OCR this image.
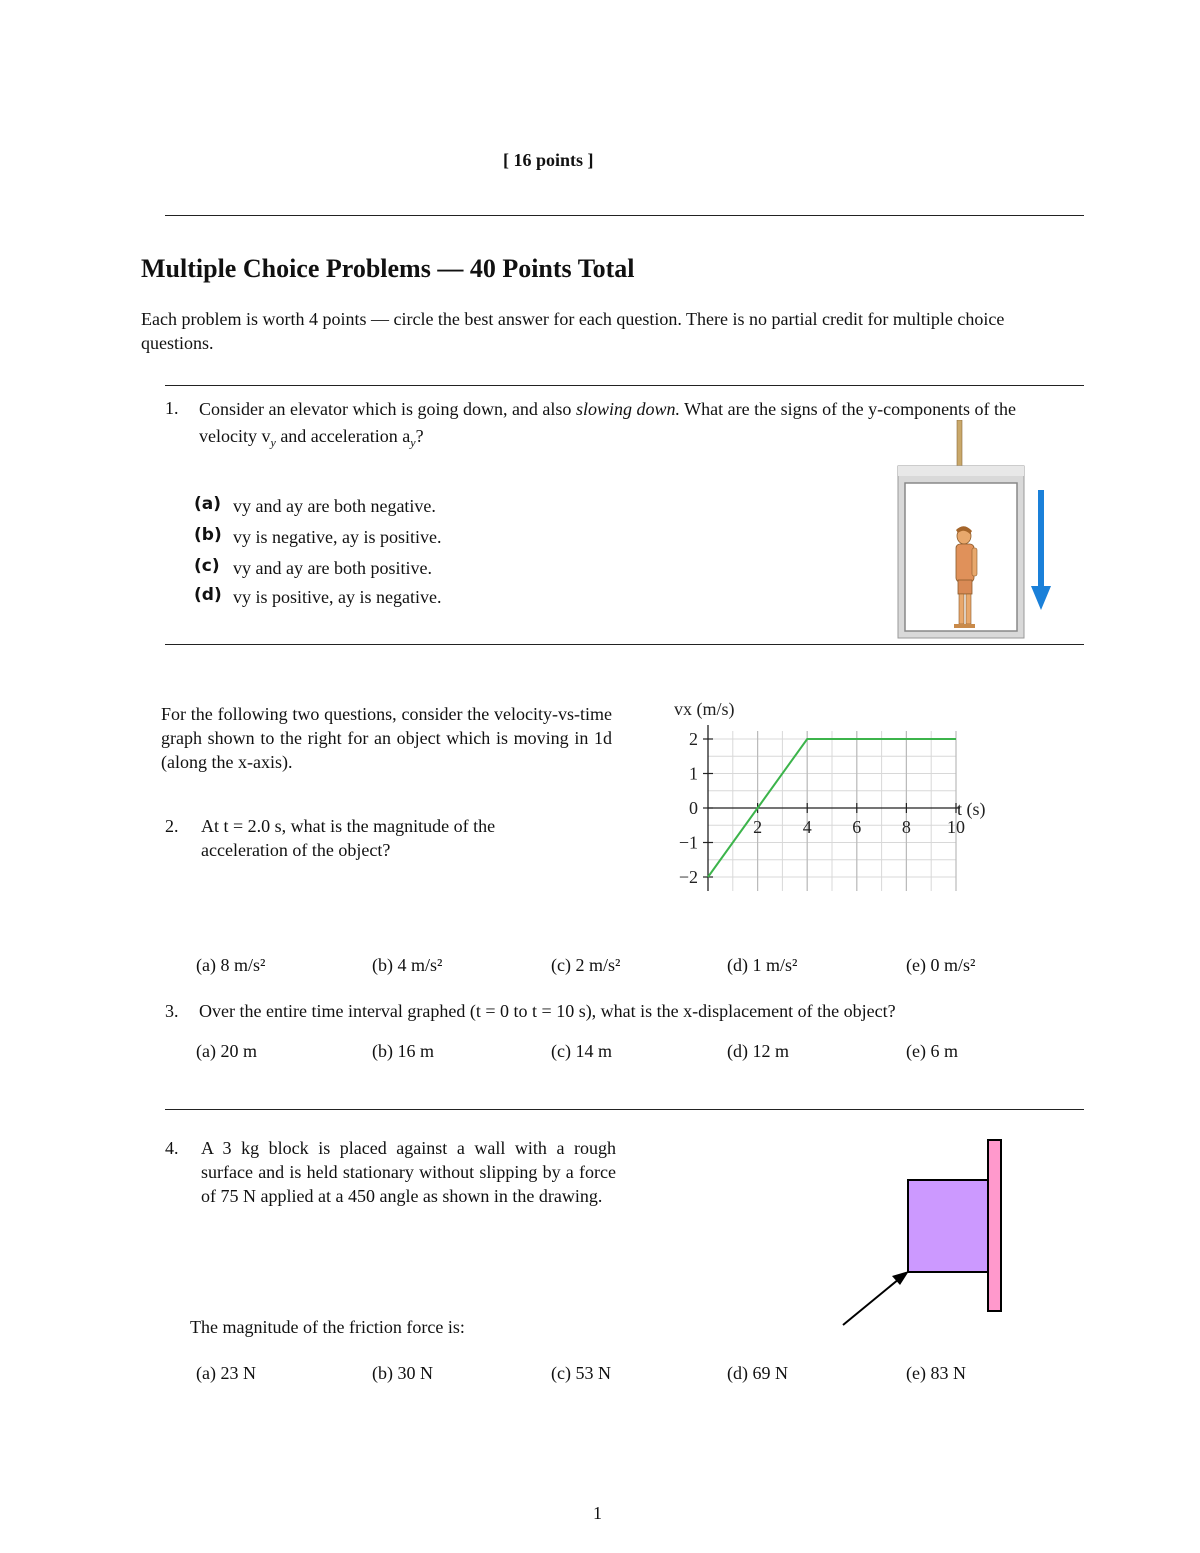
[ 16 points ]
Multiple Choice Problems — 40 Points Total
Each problem is worth 4 points — circle the best answer for each question. There is no partial credit for multiple choice questions.
1. Consider an elevator which is going down, and also slowing down. What are the signs of the y-components of the velocity $v_y$ and acceleration $a_y$?
(a) vy and ay are both negative.
(b) vy is negative, ay is positive.
(c) vy and ay are both positive.
(d) vy is positive, ay is negative.
For the following two questions, consider the velocity-vs-time graph shown to the right for an object which is moving in 1d (along the x-axis).
2
1
0
−1
−2
2 4 6 8 10
vx (m/s)
t (s)
2. At t = 2.0 s, what is the magnitude of the acceleration of the object?
(a) 8 m/s²	(b) 4 m/s²	(c) 2 m/s²	(d) 1 m/s²	(e) 0 m/s²
3. Over the entire time interval graphed (t = 0 to t = 10 s), what is the x-displacement of the object?
(a) 20 m	(b) 16 m	(c) 14 m	(d) 12 m	(e) 6 m
4. A 3 kg block is placed against a wall with a rough surface and is held stationary without slipping by a force of 75 N applied at a 450 angle as shown in the drawing.
The magnitude of the friction force is:
(a) 23 N	(b) 30 N	(c) 53 N	(d) 69 N	(e) 83 N
1
